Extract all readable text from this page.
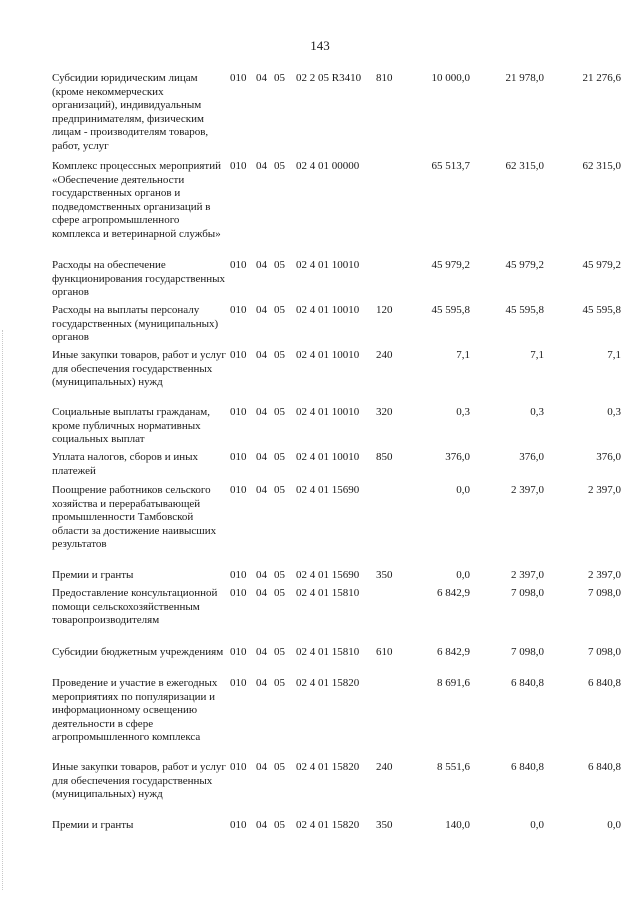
143
Субсидии юридическим лицам (кроме некоммерческих организаций), индивидуальным предпринимателям, физическим лицам - производителям товаров, работ, услуг
010 04 05 02 2 05 R3410 810	10 000,0	21 978,0	21 276,6
Комплекс процессных мероприятий «Обеспечение деятельности государственных органов и подведомственных организаций в сфере агропромышленного комплекса и ветеринарной службы»
010 04 05 02 4 01 00000	65 513,7	62 315,0	62 315,0
Расходы на обеспечение функционирования государственных органов
010 04 05 02 4 01 10010	45 979,2	45 979,2	45 979,2
Расходы на выплаты персоналу государственных (муниципальных) органов
010 04 05 02 4 01 10010 120	45 595,8	45 595,8	45 595,8
Иные закупки товаров, работ и услуг для обеспечения государственных (муниципальных) нужд
010 04 05 02 4 01 10010 240	7,1	7,1	7,1
Социальные выплаты гражданам, кроме публичных нормативных социальных выплат
010 04 05 02 4 01 10010 320	0,3	0,3	0,3
Уплата налогов, сборов и иных платежей
010 04 05 02 4 01 10010 850	376,0	376,0	376,0
Поощрение работников сельского хозяйства и перерабатывающей промышленности Тамбовской области за достижение наивысших результатов
010 04 05 02 4 01 15690	0,0	2 397,0	2 397,0
Премии и гранты	010 04 05 02 4 01 15690 350	0,0	2 397,0	2 397,0
Предоставление консультационной помощи сельскохозяйственным товаропроизводителям
010 04 05 02 4 01 15810	6 842,9	7 098,0	7 098,0
Субсидии бюджетным учреждениям 010 04 05 02 4 01 15810 610	6 842,9	7 098,0	7 098,0
Проведение и участие в ежегодных мероприятиях по популяризации и информационному освещению деятельности в сфере агропромышленного комплекса
010 04 05 02 4 01 15820	8 691,6	6 840,8	6 840,8
Иные закупки товаров, работ и услуг для обеспечения государственных (муниципальных) нужд
010 04 05 02 4 01 15820 240	8 551,6	6 840,8	6 840,8
Премии и гранты	010 04 05 02 4 01 15820 350	140,0	0,0	0,0
